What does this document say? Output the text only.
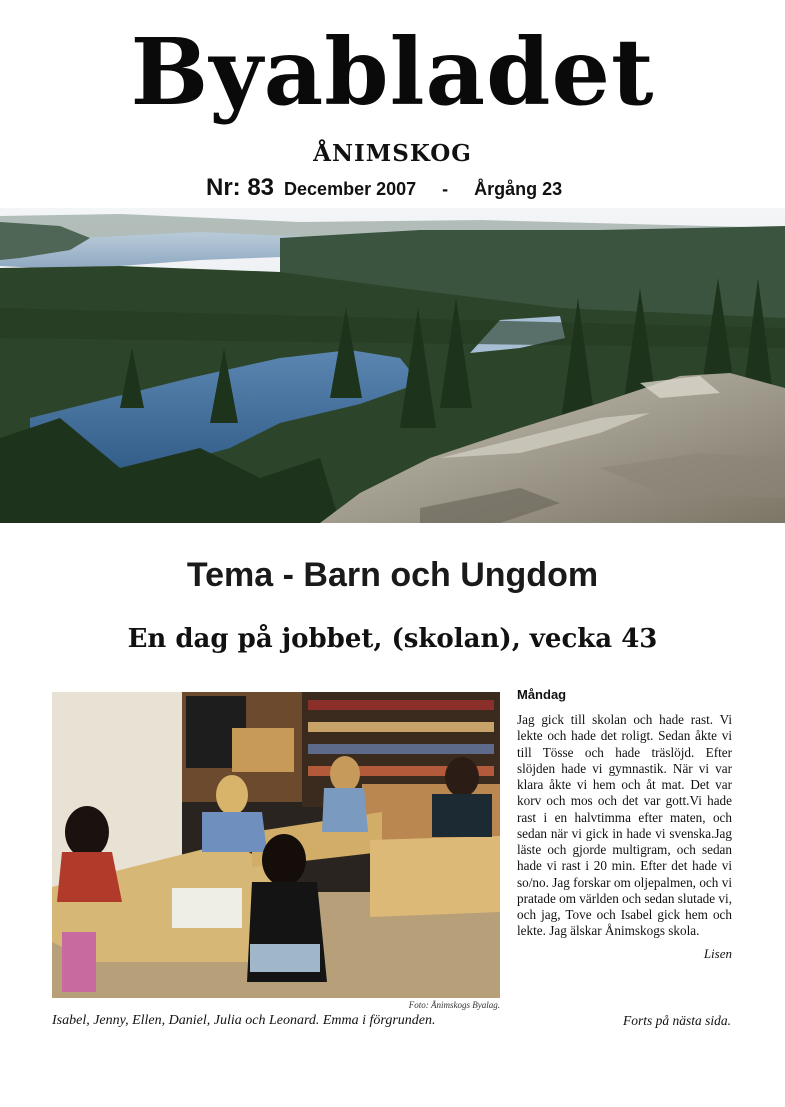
Byabladet
ÅNIMSKOG
Nr: 83 December 2007 - Årgång 23
Tema - Barn och Ungdom
En dag på jobbet, (skolan), vecka 43
Foto: Ånimskogs Byalag.
Isabel, Jenny, Ellen, Daniel, Julia och Leonard. Emma i förgrunden.
Måndag

Jag gick till skolan och hade rast. Vi lekte och hade det roligt. Sedan åkte vi till Tösse och hade träslöjd. Efter slöjden hade vi gymnastik. När vi var klara åkte vi hem och åt mat. Det var korv och mos och det var gott.Vi hade rast i en halvtimma efter maten, och sedan när vi gick in hade vi svenska.Jag läste och gjorde multigram, och sedan hade vi rast i 20 min. Efter det hade vi so/no. Jag forskar om oljepalmen, och vi pratade om världen och sedan slutade vi, och jag, Tove och Isabel gick hem och lekte. Jag älskar Ånimskogs skola.

Lisen
Forts på nästa sida.
